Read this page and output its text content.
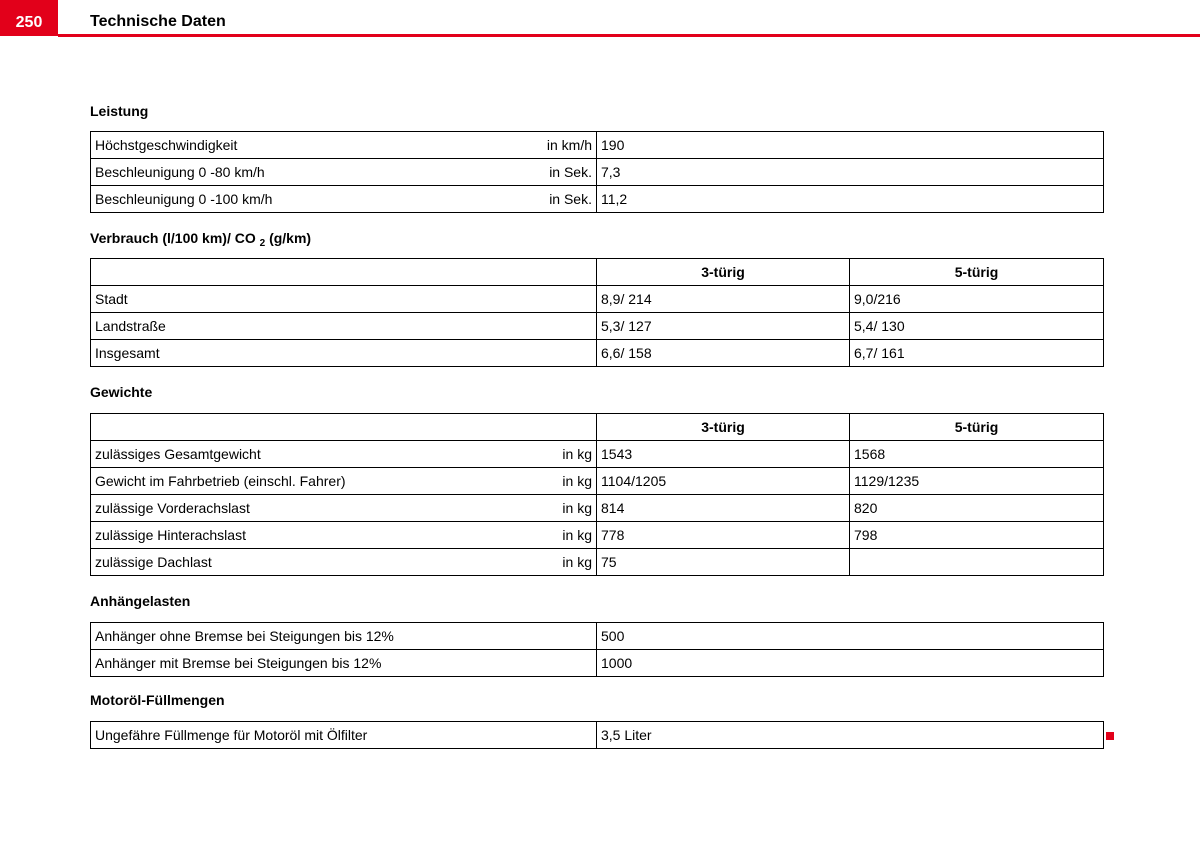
250	Technische Daten
Leistung
Höchstgeschwindigkeit in km/h	190

Beschleunigung 0 -80 km/h in Sek.	7,3

Beschleunigung 0 -100 km/h in Sek.	11,2
Verbrauch (l/100 km)/ CO $_2$ (g/km)
	3-türig	5-türig
Stadt	8,9/ 214	9,0/216
Landstraße	5,3/ 127	5,4/ 130
Insgesamt	6,6/ 158	6,7/ 161
Gewichte
	3-türig	5-türig

zulässiges Gesamtgewicht in kg	1543	1568

Gewicht im Fahrbetrieb (einschl. Fahrer) in kg	1104/1205	1129/1235

zulässige Vorderachslast in kg	814	820

zulässige Hinterachslast in kg	778	798

zulässige Dachlast in kg	75	
Anhängelasten
Anhänger ohne Bremse bei Steigungen bis 12%	500
Anhänger mit Bremse bei Steigungen bis 12%	1000
Motoröl-Füllmengen
Ungefähre Füllmenge für Motoröl mit Ölfilter	3,5 Liter
